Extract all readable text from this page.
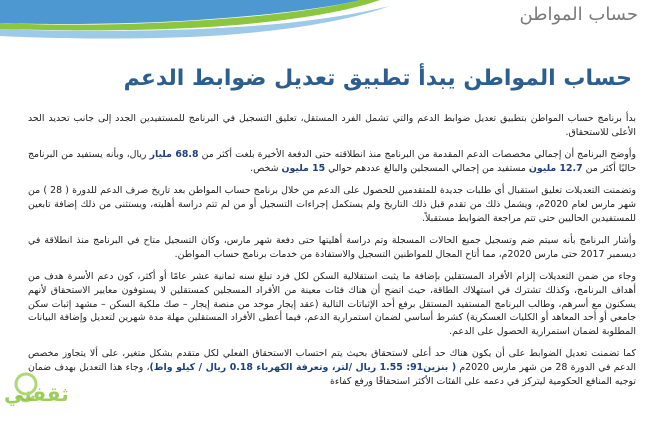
حساب المواطن
حساب المواطن يبدأ تطبيق تعديل ضوابط الدعم

بدأ برنامج حساب المواطن بتطبيق تعديل ضوابط الدعم والتي تشمل الفرد المستقل، تعليق التسجيل في البرنامج للمستفيدين الجدد إلى جانب تحديد الحد الأعلى للاستحقاق.

وأوضح البرنامج أن إجمالي مخصصات الدعم المقدمة من البرنامج منذ انطلاقته حتى الدفعة الأخيرة بلغت أكثر من 68.8 مليار ريال، وبأنه يستفيد من البرنامج حاليًا أكثر من 12.7 مليون مستفيد من إجمالي المسجلين والبالغ عددهم حوالي 15 مليون شخص.

وتضمنت التعديلات تعليق استقبال أي طلبات جديدة للمتقدمين للحصول على الدعم من خلال برنامج حساب المواطن بعد تاريخ صرف الدعم للدورة ( 28 ) من شهر مارس لعام 2020م، ويشمل ذلك من تقدم قبل ذلك التاريخ ولم يستكمل إجراءات التسجيل أو من لم تتم دراسة أهليته، ويستثنى من ذلك إضافة تابعين للمستفيدين الحاليين حتى تتم مراجعة الضوابط مستقبلاً.

وأشار البرنامج بأنه سيتم ضم وتسجيل جميع الحالات المسجلة وتم دراسة أهليتها حتى دفعة شهر مارس، وكان التسجيل متاح في البرنامج منذ انطلاقة في ديسمبر 2017 حتى مارس 2020م، مما أتاح المجال للمواطنين التسجيل والاستفادة من خدمات برنامج حساب المواطن.

وجاء من ضمن التعديلات إلزام الأفراد المستقلين بإضافة ما يثبت استقلالية السكن لكل فرد تبلغ سنه ثمانية عشر عامًا أو أكثر، كون دعم الأسرة هدف من أهداف البرنامج، وكذلك تشترك في استهلاك الطاقة، حيث اتضح أن هناك فئات معينة من الأفراد المسجلين كمستقلين لا يستوفون معايير الاستحقاق لأنهم يسكنون مع أسرهم، وطالب البرنامج المستفيد المستقل برفع أحد الإثباتات التالية (عقد إيجار موحد من منصة إيجار – صك ملكية السكن – مشهد إثبات سكن جامعي أو أحد المعاهد أو الكليات العسكرية) كشرط أساسي لضمان استمرارية الدعم، فيما أعطى الأفراد المستقلين مهلة مدة شهرين لتعديل وإضافة البيانات المطلوبة لضمان استمرارية الحصول على الدعم.

كما تضمنت تعديل الضوابط على أن يكون هناك حد أعلى لاستحقاق بحيث يتم احتساب الاستحقاق الفعلي لكل متقدم بشكل متغير، على ألا يتجاوز مخصص الدعم في الدورة 28 من شهر مارس 2020م ( بنزين91: 1.55 ريال /لتر، وتعرفة الكهرباء 0.18 ريال / كيلو واط)، وجاء هذا التعديل بهدف ضمان توجيه المنافع الحكومية ليتركز في دعمه على الفئات الأكثر استحقاقًا ورفع كفاءة

ثقفني
